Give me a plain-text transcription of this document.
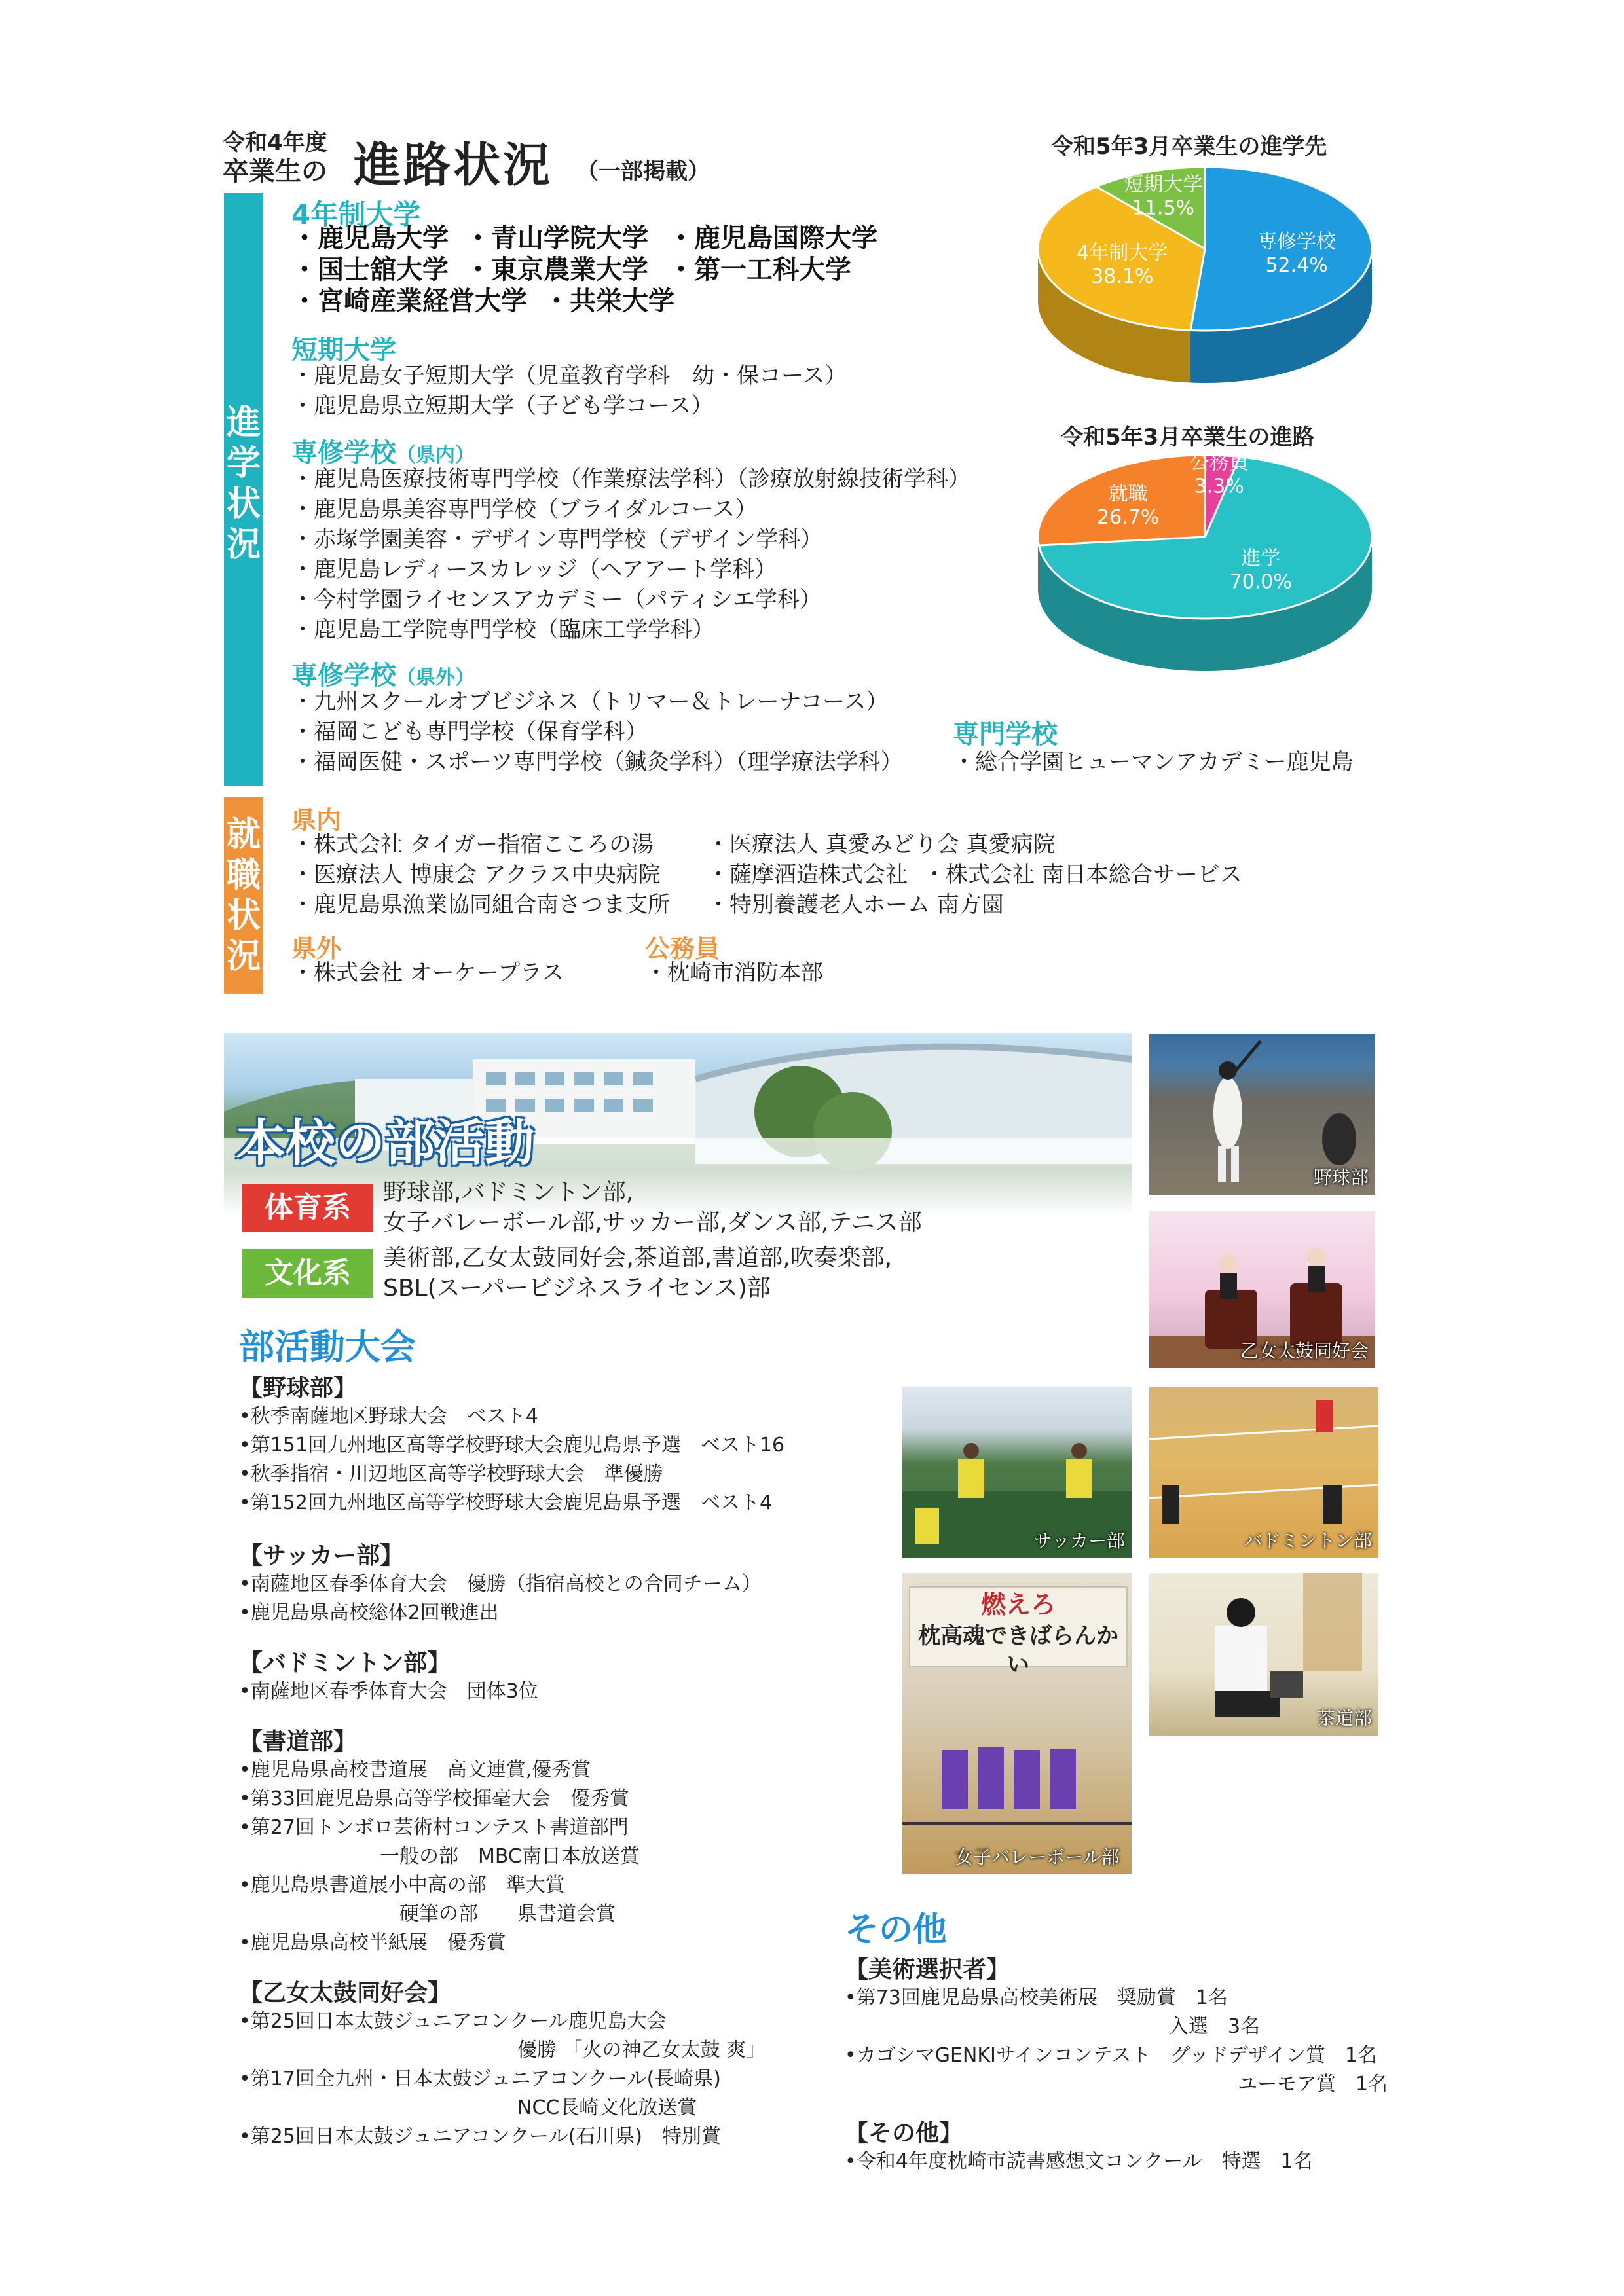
令和4年度
卒業生の 進路状況 （一部掲載）
進
学
状
況
就
職
状
況
4年制大学
・鹿児島大学 ・青山学院大学 ・鹿児島国際大学
・国士舘大学 ・東京農業大学 ・第一工科大学
・宮崎産業経営大学 ・共栄大学
短期大学
・鹿児島女子短期大学（児童教育学科　幼・保コース）
・鹿児島県立短期大学（子ども学コース）
専修学校（県内）
・鹿児島医療技術専門学校（作業療法学科）（診療放射線技術学科）
・鹿児島県美容専門学校（ブライダルコース）
・赤塚学園美容・デザイン専門学校（デザイン学科）
・鹿児島レディースカレッジ（ヘアアート学科）
・今村学園ライセンスアカデミー（パティシエ学科）
・鹿児島工学院専門学校（臨床工学学科）
専修学校（県外）
・九州スクールオブビジネス（トリマー＆トレーナコース）
・福岡こども専門学校（保育学科）
・福岡医健・スポーツ専門学校（鍼灸学科）（理学療法学科）
専門学校
・総合学園ヒューマンアカデミー鹿児島
県内
・株式会社 タイガー指宿こころの湯 ・医療法人 真愛みどり会 真愛病院
・医療法人 博康会 アクラス中央病院 ・薩摩酒造株式会社 ・株式会社 南日本総合サービス
・鹿児島県漁業協同組合南さつま支所 ・特別養護老人ホーム 南方園
県外
・株式会社 オーケープラス
公務員
・枕崎市消防本部
令和5年3月卒業生の進学先
専修学校
52.4%
4年制大学
38.1%
短期大学
11.5%
令和5年3月卒業生の進路
進学
70.0%
就職
26.7%
公務員
3.3%
本校の部活動
体育系	野球部,バドミントン部,
女子バレーボール部,サッカー部,ダンス部,テニス部
文化系	美術部,乙女太鼓同好会,茶道部,書道部,吹奏楽部,
SBL(スーパービジネスライセンス)部
部活動大会
【野球部】
•秋季南薩地区野球大会　ベスト4
•第151回九州地区高等学校野球大会鹿児島県予選　ベスト16
•秋季指宿・川辺地区高等学校野球大会　準優勝
•第152回九州地区高等学校野球大会鹿児島県予選　ベスト4
【サッカー部】
•南薩地区春季体育大会　優勝（指宿高校との合同チーム）
•鹿児島県高校総体2回戦進出
【バドミントン部】
•南薩地区春季体育大会　団体3位
【書道部】
•鹿児島県高校書道展　高文連賞,優秀賞
•第33回鹿児島県高等学校揮毫大会　優秀賞
•第27回トンボロ芸術村コンテスト書道部門
一般の部　MBC南日本放送賞
•鹿児島県書道展小中高の部　準大賞
硬筆の部　　県書道会賞
•鹿児島県高校半紙展　優秀賞
【乙女太鼓同好会】
•第25回日本太鼓ジュニアコンクール鹿児島大会
優勝 「火の神乙女太鼓 爽」
•第17回全九州・日本太鼓ジュニアコンクール(長崎県)
NCC長崎文化放送賞
•第25回日本太鼓ジュニアコンクール(石川県)　特別賞
その他
【美術選択者】
•第73回鹿児島県高校美術展　奨励賞　1名
入選　3名
•カゴシマGENKIサインコンテスト　グッドデザイン賞　1名
ユーモア賞　1名
【その他】
•令和4年度枕崎市読書感想文コンクール　特選　1名
野球部
乙女太鼓同好会
サッカー部	バドミントン部
燃えろ
枕高魂できばらんかい
女子バレーボール部
茶道部
